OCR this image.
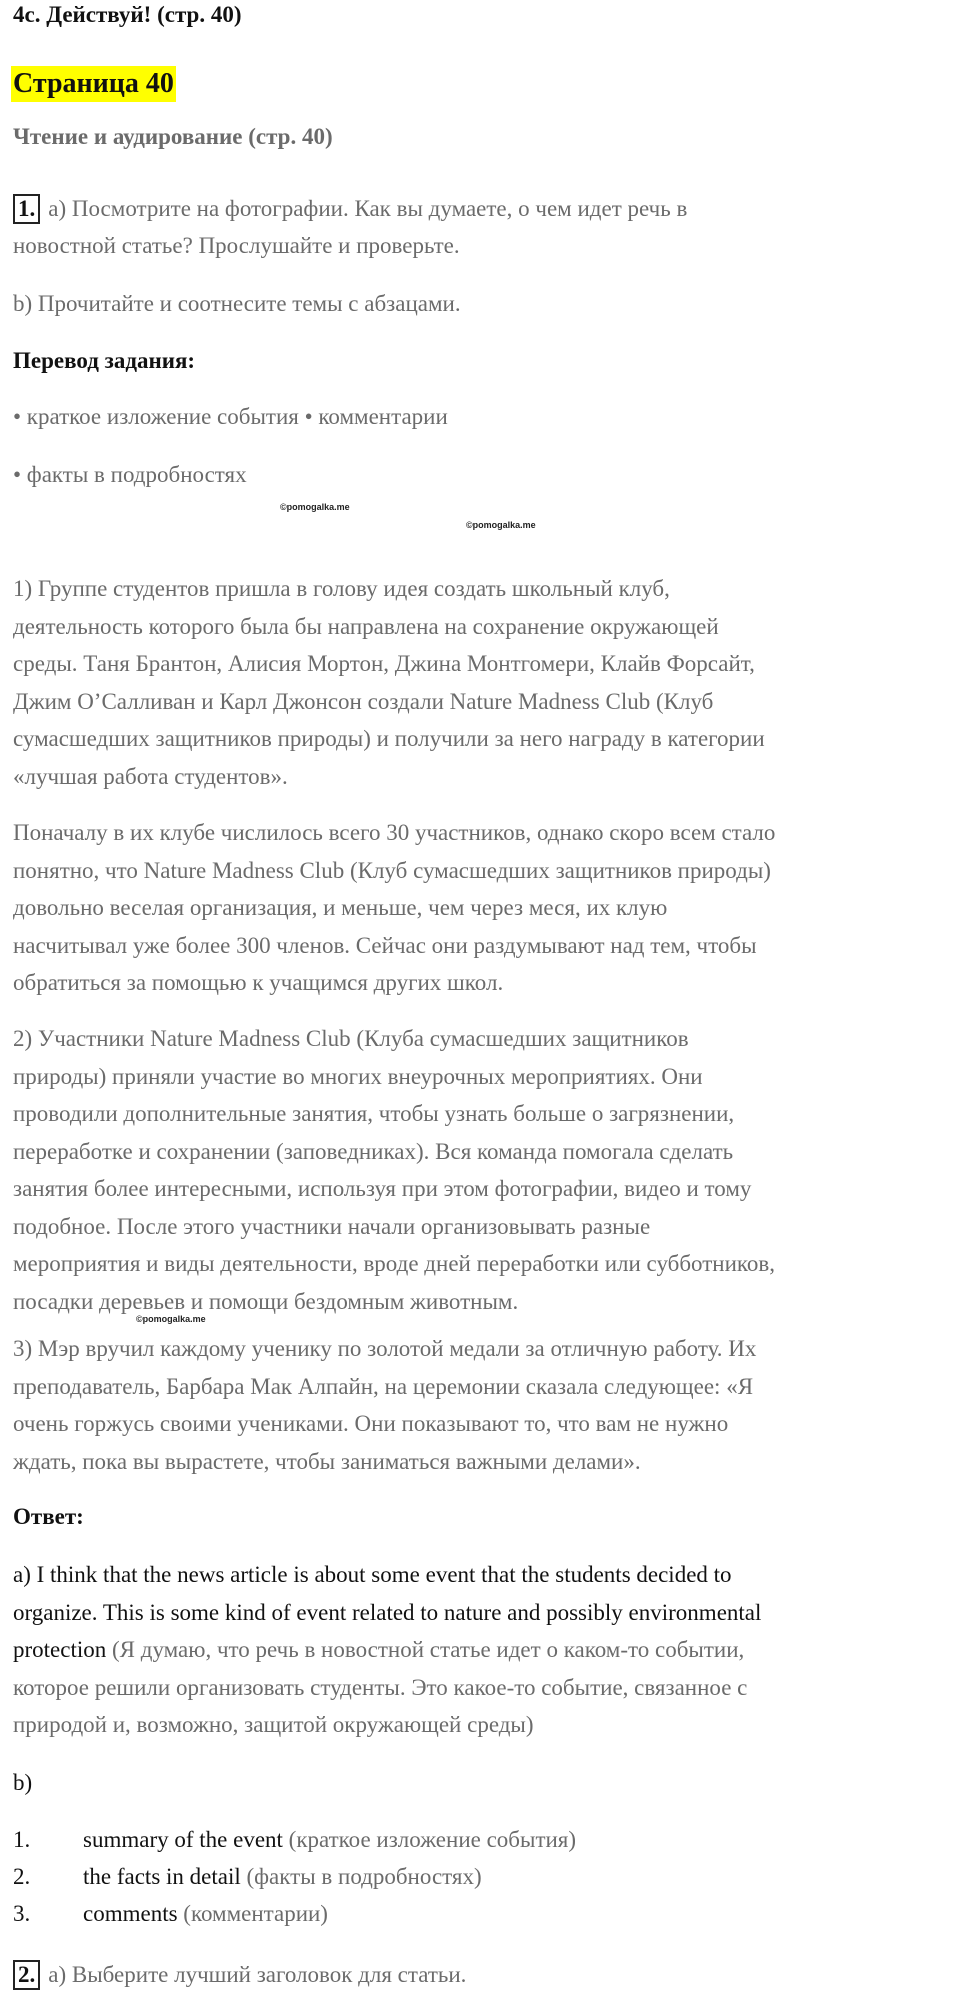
4c. Действуй! (стр. 40)
Страница 40
Чтение и аудирование (стр. 40)
1. a) Посмотрите на фотографии. Как вы думаете, о чем идет речь в
новостной статье? Прослушайте и проверьте.
b) Прочитайте и соотнесите темы с абзацами.
Перевод задания:
• краткое изложение события • комментарии
• факты в подробностях
©pomogalka.me
©pomogalka.me
1) Группе студентов пришла в голову идея создать школьный клуб,
деятельность которого была бы направлена на сохранение окружающей
среды. Таня Брантон, Алисия Мортон, Джина Монтгомери, Клайв Форсайт,
Джим О’Салливан и Карл Джонсон создали Nature Madness Club (Клуб
сумасшедших защитников природы) и получили за него награду в категории
«лучшая работа студентов».
Поначалу в их клубе числилось всего 30 участников, однако скоро всем стало
понятно, что Nature Madness Club (Клуб сумасшедших защитников природы)
довольно веселая организация, и меньше, чем через меся, их клую
насчитывал уже более 300 членов. Сейчас они раздумывают над тем, чтобы
обратиться за помощью к учащимся других школ.
2) Участники Nature Madness Club (Клуба сумасшедших защитников
природы) приняли участие во многих внеурочных мероприятиях. Они
проводили дополнительные занятия, чтобы узнать больше о загрязнении,
переработке и сохранении (заповедниках). Вся команда помогала сделать
занятия более интересными, используя при этом фотографии, видео и тому
подобное. После этого участники начали организовывать разные
мероприятия и виды деятельности, вроде дней переработки или субботников,
посадки деревьев и помощи бездомным животным.
©pomogalka.me
3) Мэр вручил каждому ученику по золотой медали за отличную работу. Их
преподаватель, Барбара Мак Алпайн, на церемонии сказала следующее: «Я
очень горжусь своими учениками. Они показывают то, что вам не нужно
ждать, пока вы вырастете, чтобы заниматься важными делами».
Ответ:
a) I think that the news article is about some event that the students decided to
organize. This is some kind of event related to nature and possibly environmental
protection (Я думаю, что речь в новостной статье идет о каком-то событии,
которое решили организовать студенты. Это какое-то событие, связанное с
природой и, возможно, защитой окружающей среды)
b)
1. summary of the event (краткое изложение события)
2. the facts in detail (факты в подробностях)
3. comments (комментарии)
2. a) Выберите лучший заголовок для статьи.
